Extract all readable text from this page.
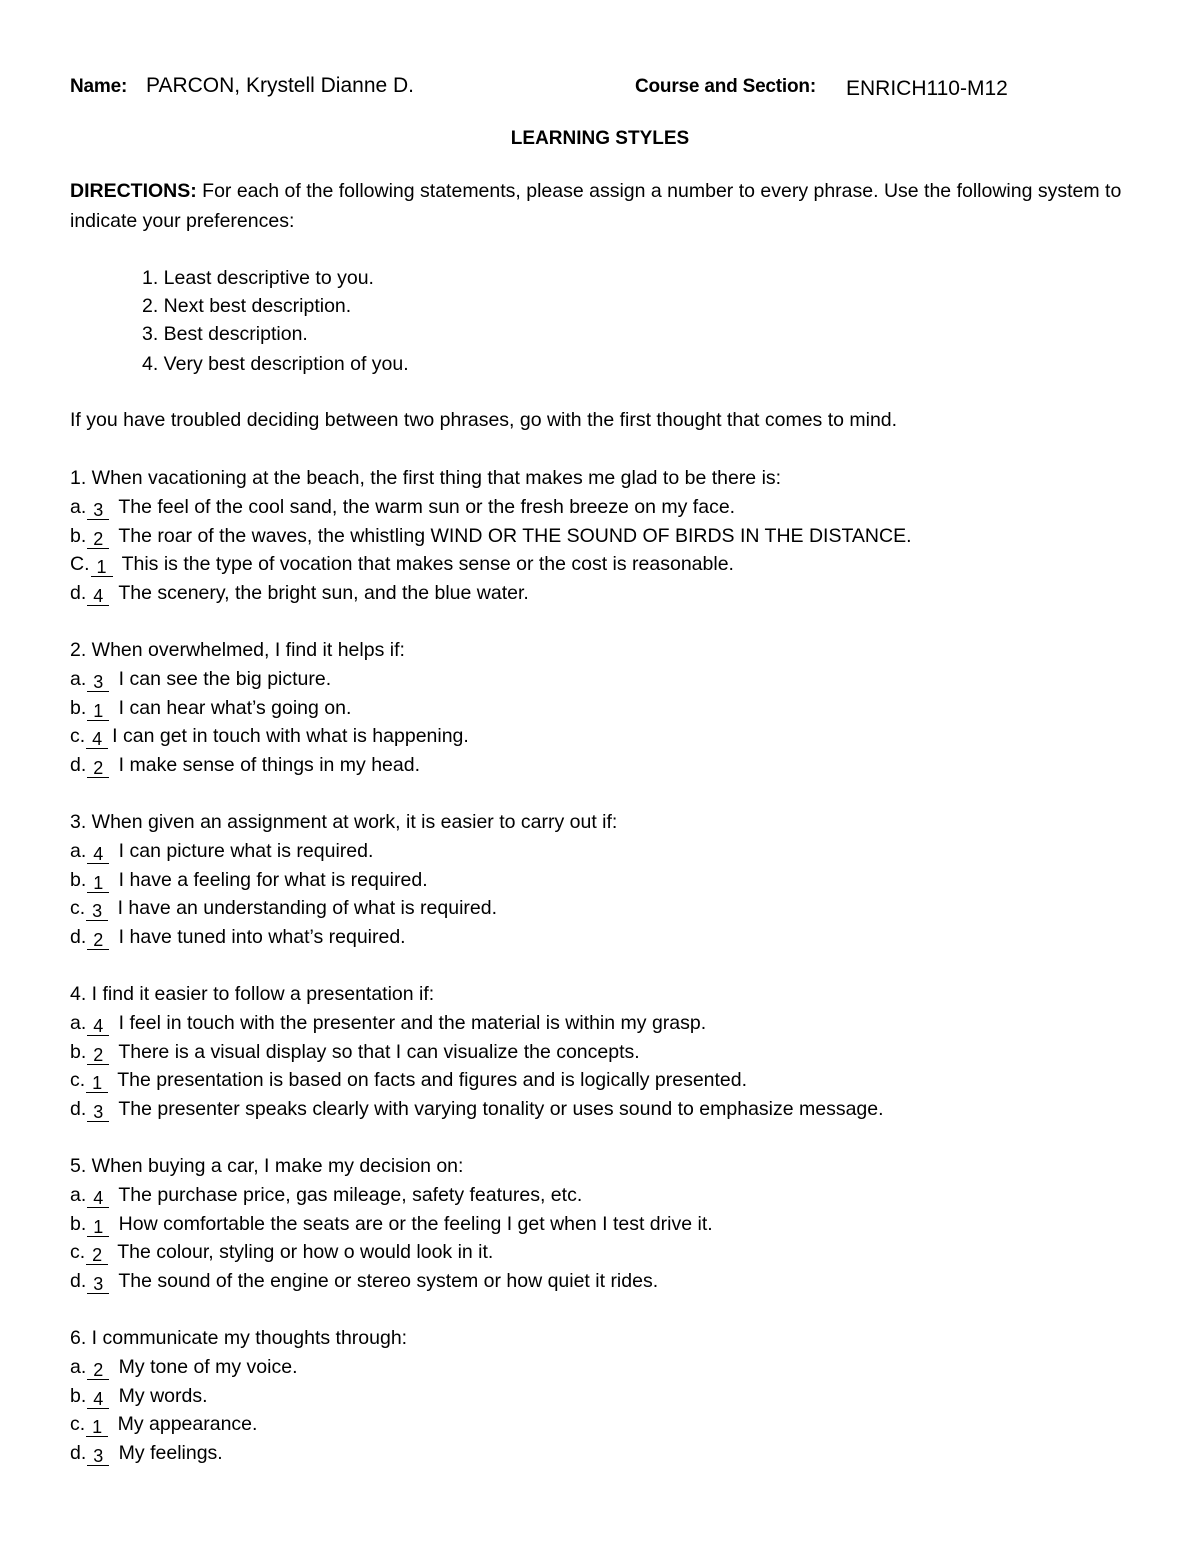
Name: PARCON, Krystell Dianne D.	Course and Section: ENRICH110-M12
LEARNING STYLES
DIRECTIONS: For each of the following statements, please assign a number to every phrase. Use the following system to indicate your preferences:
1. Least descriptive to you.
2. Next best description.
3. Best description.
4. Very best description of you.
If you have troubled deciding between two phrases, go with the first thought that comes to mind.
1. When vacationing at the beach, the first thing that makes me glad to be there is:
a. 3 The feel of the cool sand, the warm sun or the fresh breeze on my face.
b. 2 The roar of the waves, the whistling WIND OR THE SOUND OF BIRDS IN THE DISTANCE.
C. 1 This is the type of vocation that makes sense or the cost is reasonable.
d. 4 The scenery, the bright sun, and the blue water.
2. When overwhelmed, I find it helps if:
a. 3 I can see the big picture.
b. 1 I can hear what’s going on.
c. 4 I can get in touch with what is happening.
d. 2 I make sense of things in my head.
3. When given an assignment at work, it is easier to carry out if:
a. 4 I can picture what is required.
b. 1 I have a feeling for what is required.
c. 3 I have an understanding of what is required.
d. 2 I have tuned into what’s required.
4. I find it easier to follow a presentation if:
a. 4 I feel in touch with the presenter and the material is within my grasp.
b. 2 There is a visual display so that I can visualize the concepts.
c. 1 The presentation is based on facts and figures and is logically presented.
d. 3 The presenter speaks clearly with varying tonality or uses sound to emphasize message.
5. When buying a car, I make my decision on:
a. 4 The purchase price, gas mileage, safety features, etc.
b. 1 How comfortable the seats are or the feeling I get when I test drive it.
c. 2 The colour, styling or how o would look in it.
d. 3 The sound of the engine or stereo system or how quiet it rides.
6. I communicate my thoughts through:
a. 2 My tone of my voice.
b. 4 My words.
c. 1 My appearance.
d. 3 My feelings.
